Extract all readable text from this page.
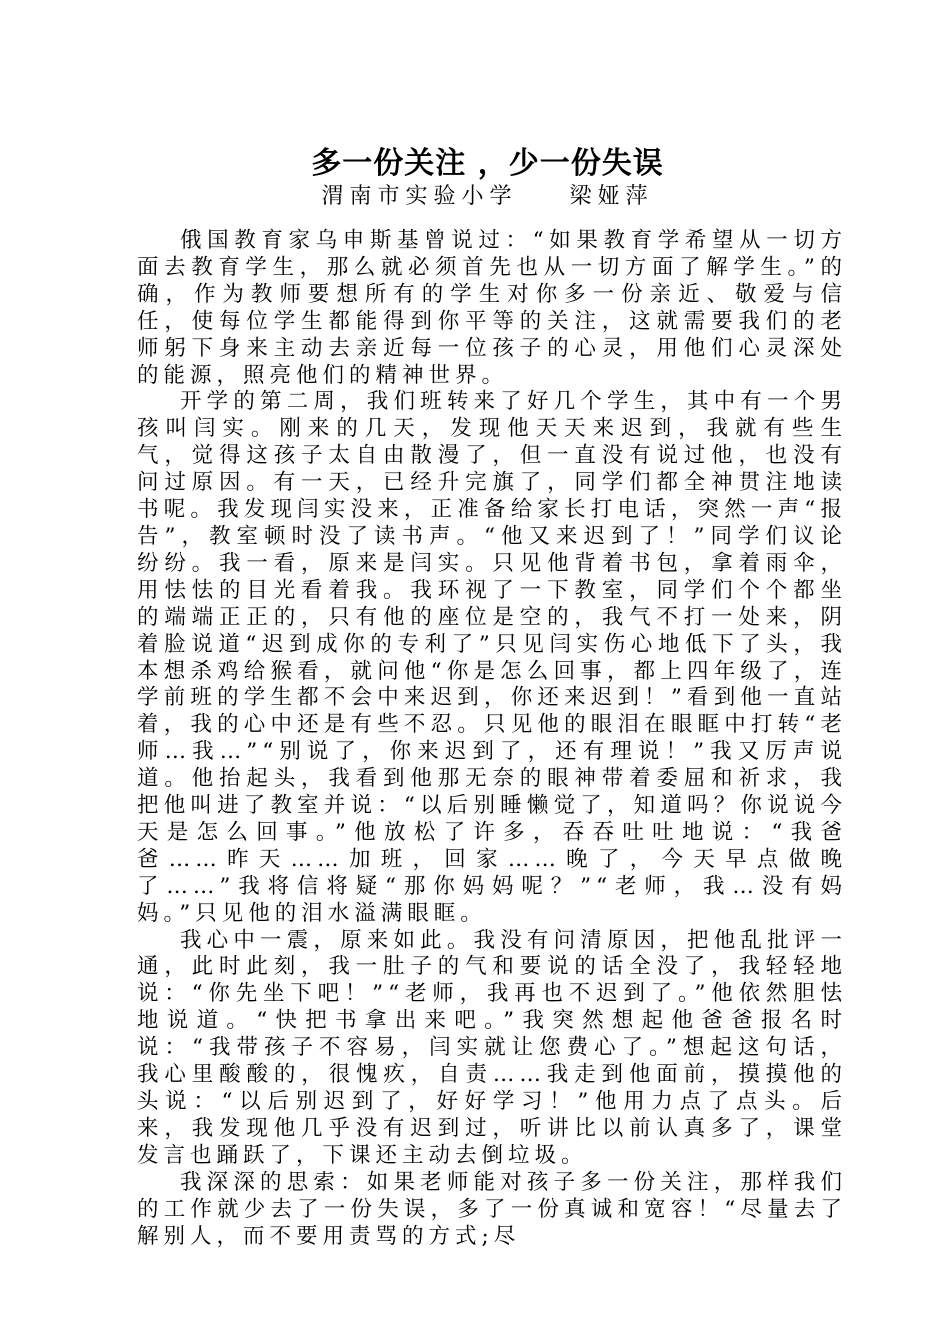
多一份关注 ，少一份失误
渭南市实验小学    梁娅萍

俄国教育家乌申斯基曾说过：“如果教育学希望从一切方面去教育学生，那么就必须首先也从一切方面了解学生。”的确，作为教师要想所有的学生对你多一份亲近、敬爱与信任，使每位学生都能得到你平等的关注，这就需要我们的老师躬下身来主动去亲近每一位孩子的心灵，用他们心灵深处的能源，照亮他们的精神世界。

开学的第二周，我们班转来了好几个学生，其中有一个男孩叫闫实。刚来的几天，发现他天天来迟到，我就有些生气，觉得这孩子太自由散漫了，但一直没有说过他，也没有问过原因。有一天，已经升完旗了，同学们都全神贯注地读书呢。我发现闫实没来，正准备给家长打电话，突然一声“报告”，教室顿时没了读书声。“他又来迟到了！”同学们议论纷纷。我一看，原来是闫实。只见他背着书包，拿着雨伞，用怯怯的目光看着我。我环视了一下教室，同学们个个都坐的端端正正的，只有他的座位是空的，我气不打一处来，阴着脸说道“迟到成你的专利了”只见闫实伤心地低下了头，我本想杀鸡给猴看，就问他“你是怎么回事，都上四年级了，连学前班的学生都不会中来迟到，你还来迟到！”看到他一直站着，我的心中还是有些不忍。只见他的眼泪在眼眶中打转“老师…我…”“别说了，你来迟到了，还有理说！”我又厉声说道。他抬起头，我看到他那无奈的眼神带着委屈和祈求，我把他叫进了教室并说：“以后别睡懒觉了，知道吗？你说说今天是怎么回事。”他放松了许多，吞吞吐吐地说：“我爸爸……昨天……加班，回家……晚了，今天早点做晚了……”我将信将疑“那你妈妈呢？”“老师，我…没有妈妈。”只见他的泪水溢满眼眶。

我心中一震，原来如此。我没有问清原因，把他乱批评一通，此时此刻，我一肚子的气和要说的话全没了，我轻轻地说：“你先坐下吧！”“老师，我再也不迟到了。”他依然胆怯地说道。“快把书拿出来吧。”我突然想起他爸爸报名时说：“我带孩子不容易，闫实就让您费心了。”想起这句话，我心里酸酸的，很愧疚，自责……我走到他面前，摸摸他的头说：“以后别迟到了，好好学习！”他用力点了点头。后来，我发现他几乎没有迟到过，听讲比以前认真多了，课堂发言也踊跃了，下课还主动去倒垃圾。

我深深的思索：如果老师能对孩子多一份关注，那样我们的工作就少去了一份失误，多了一份真诚和宽容！“尽量去了解别人，而不要用责骂的方式;尽
